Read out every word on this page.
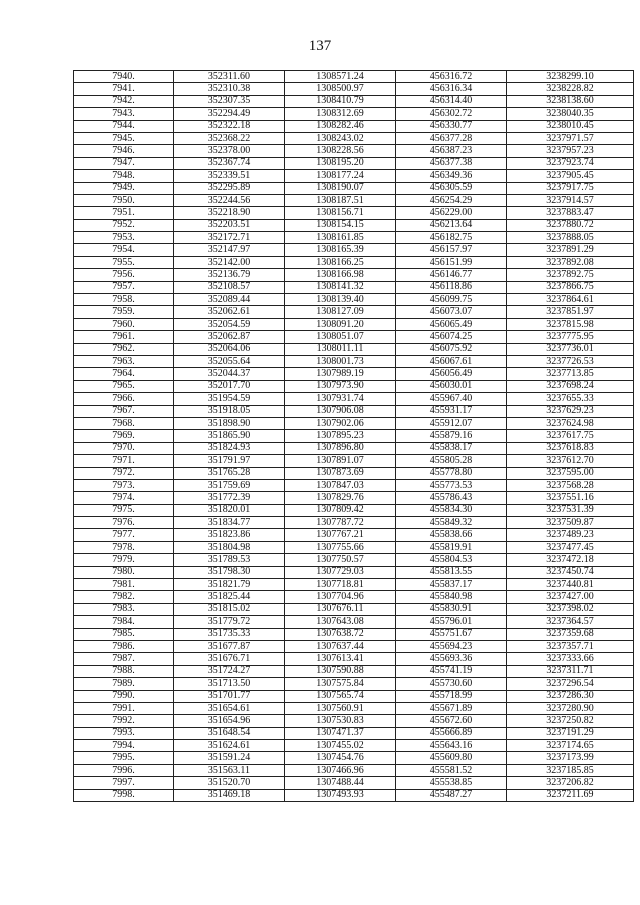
137
7940.	352311.60	1308571.24	456316.72	3238299.10
7941.	352310.38	1308500.97	456316.34	3238228.82
7942.	352307.35	1308410.79	456314.40	3238138.60
7943.	352294.49	1308312.69	456302.72	3238040.35
7944.	352322.18	1308282.46	456330.77	3238010.45
7945.	352368.22	1308243.02	456377.28	3237971.57
7946.	352378.00	1308228.56	456387.23	3237957.23
7947.	352367.74	1308195.20	456377.38	3237923.74
7948.	352339.51	1308177.24	456349.36	3237905.45
7949.	352295.89	1308190.07	456305.59	3237917.75
7950.	352244.56	1308187.51	456254.29	3237914.57
7951.	352218.90	1308156.71	456229.00	3237883.47
7952.	352203.51	1308154.15	456213.64	3237880.72
7953.	352172.71	1308161.85	456182.75	3237888.05
7954.	352147.97	1308165.39	456157.97	3237891.29
7955.	352142.00	1308166.25	456151.99	3237892.08
7956.	352136.79	1308166.98	456146.77	3237892.75
7957.	352108.57	1308141.32	456118.86	3237866.75
7958.	352089.44	1308139.40	456099.75	3237864.61
7959.	352062.61	1308127.09	456073.07	3237851.97
7960.	352054.59	1308091.20	456065.49	3237815.98
7961.	352062.87	1308051.07	456074.25	3237775.95
7962.	352064.06	1308011.11	456075.92	3237736.01
7963.	352055.64	1308001.73	456067.61	3237726.53
7964.	352044.37	1307989.19	456056.49	3237713.85
7965.	352017.70	1307973.90	456030.01	3237698.24
7966.	351954.59	1307931.74	455967.40	3237655.33
7967.	351918.05	1307906.08	455931.17	3237629.23
7968.	351898.90	1307902.06	455912.07	3237624.98
7969.	351865.90	1307895.23	455879.16	3237617.75
7970.	351824.93	1307896.80	455838.17	3237618.83
7971.	351791.97	1307891.07	455805.28	3237612.70
7972.	351765.28	1307873.69	455778.80	3237595.00
7973.	351759.69	1307847.03	455773.53	3237568.28
7974.	351772.39	1307829.76	455786.43	3237551.16
7975.	351820.01	1307809.42	455834.30	3237531.39
7976.	351834.77	1307787.72	455849.32	3237509.87
7977.	351823.86	1307767.21	455838.66	3237489.23
7978.	351804.98	1307755.66	455819.91	3237477.45
7979.	351789.53	1307750.57	455804.53	3237472.18
7980.	351798.30	1307729.03	455813.55	3237450.74
7981.	351821.79	1307718.81	455837.17	3237440.81
7982.	351825.44	1307704.96	455840.98	3237427.00
7983.	351815.02	1307676.11	455830.91	3237398.02
7984.	351779.72	1307643.08	455796.01	3237364.57
7985.	351735.33	1307638.72	455751.67	3237359.68
7986.	351677.87	1307637.44	455694.23	3237357.71
7987.	351676.71	1307613.41	455693.36	3237333.66
7988.	351724.27	1307590.88	455741.19	3237311.71
7989.	351713.50	1307575.84	455730.60	3237296.54
7990.	351701.77	1307565.74	455718.99	3237286.30
7991.	351654.61	1307560.91	455671.89	3237280.90
7992.	351654.96	1307530.83	455672.60	3237250.82
7993.	351648.54	1307471.37	455666.89	3237191.29
7994.	351624.61	1307455.02	455643.16	3237174.65
7995.	351591.24	1307454.76	455609.80	3237173.99
7996.	351563.11	1307466.96	455581.52	3237185.85
7997.	351520.70	1307488.44	455538.85	3237206.82
7998.	351469.18	1307493.93	455487.27	3237211.69
